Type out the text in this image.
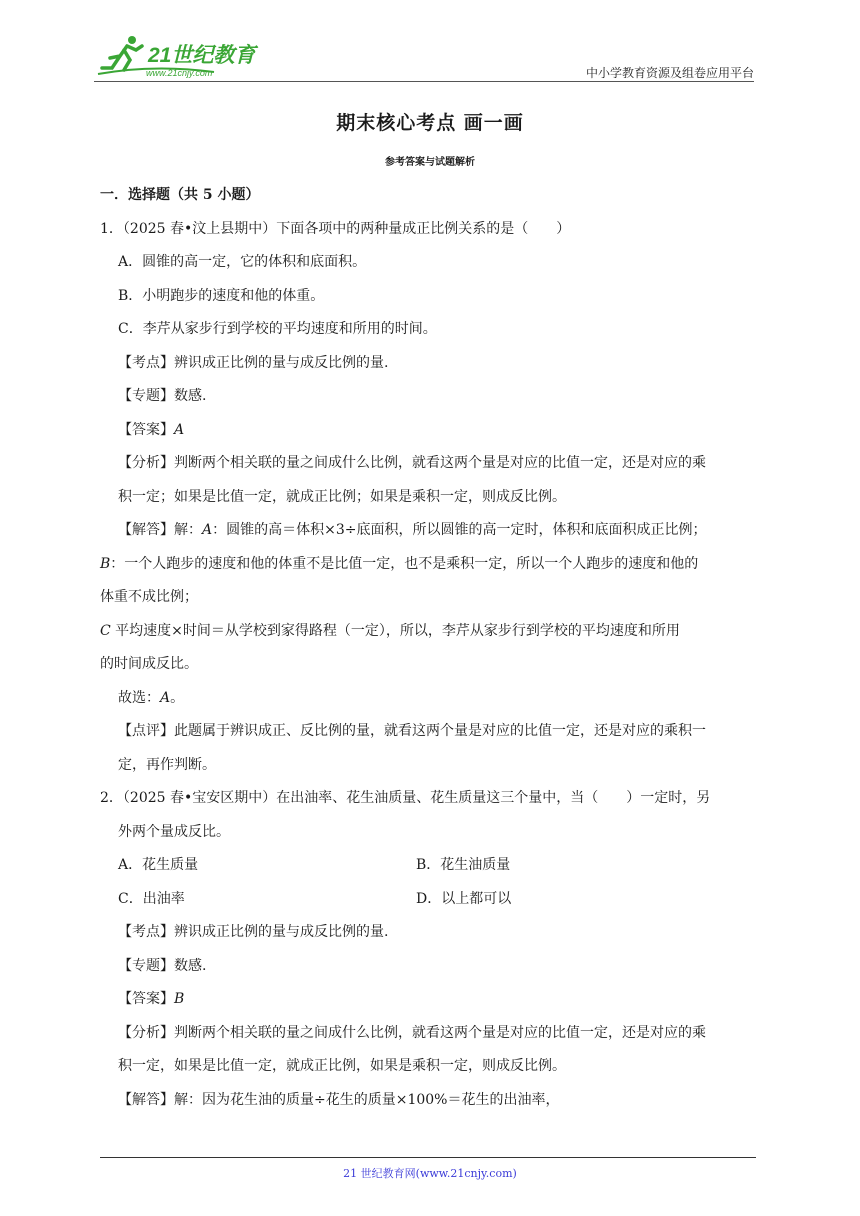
21世纪教育
www.21cnjy.com	中小学教育资源及组卷应用平台
期末核心考点 画一画
参考答案与试题解析
一．选择题（共 5 小题）
1．（2025 春•汶上县期中）下面各项中的两种量成正比例关系的是（　　）
A．圆锥的高一定，它的体积和底面积。
B．小明跑步的速度和他的体重。
C．李芹从家步行到学校的平均速度和所用的时间。
【考点】辨识成正比例的量与成反比例的量.
【专题】数感.
【答案】A
【分析】判断两个相关联的量之间成什么比例，就看这两个量是对应的比值一定，还是对应的乘
积一定；如果是比值一定，就成正比例；如果是乘积一定，则成反比例。
【解答】解：A：圆锥的高＝体积×3÷底面积，所以圆锥的高一定时，体积和底面积成正比例；
B：一个人跑步的速度和他的体重不是比值一定，也不是乘积一定，所以一个人跑步的速度和他的
体重不成比例；
C 平均速度×时间＝从学校到家得路程（一定），所以，李芹从家步行到学校的平均速度和所用
的时间成反比。
故选：A。
【点评】此题属于辨识成正、反比例的量，就看这两个量是对应的比值一定，还是对应的乘积一
定，再作判断。
2．（2025 春•宝安区期中）在出油率、花生油质量、花生质量这三个量中，当（　　）一定时，另
外两个量成反比。
A．花生质量	B．花生油质量
C．出油率	D．以上都可以
【考点】辨识成正比例的量与成反比例的量.
【专题】数感.
【答案】B
【分析】判断两个相关联的量之间成什么比例，就看这两个量是对应的比值一定，还是对应的乘
积一定，如果是比值一定，就成正比例，如果是乘积一定，则成反比例。
【解答】解：因为花生油的质量÷花生的质量×100%＝花生的出油率，
21 世纪教育网(www.21cnjy.com)
